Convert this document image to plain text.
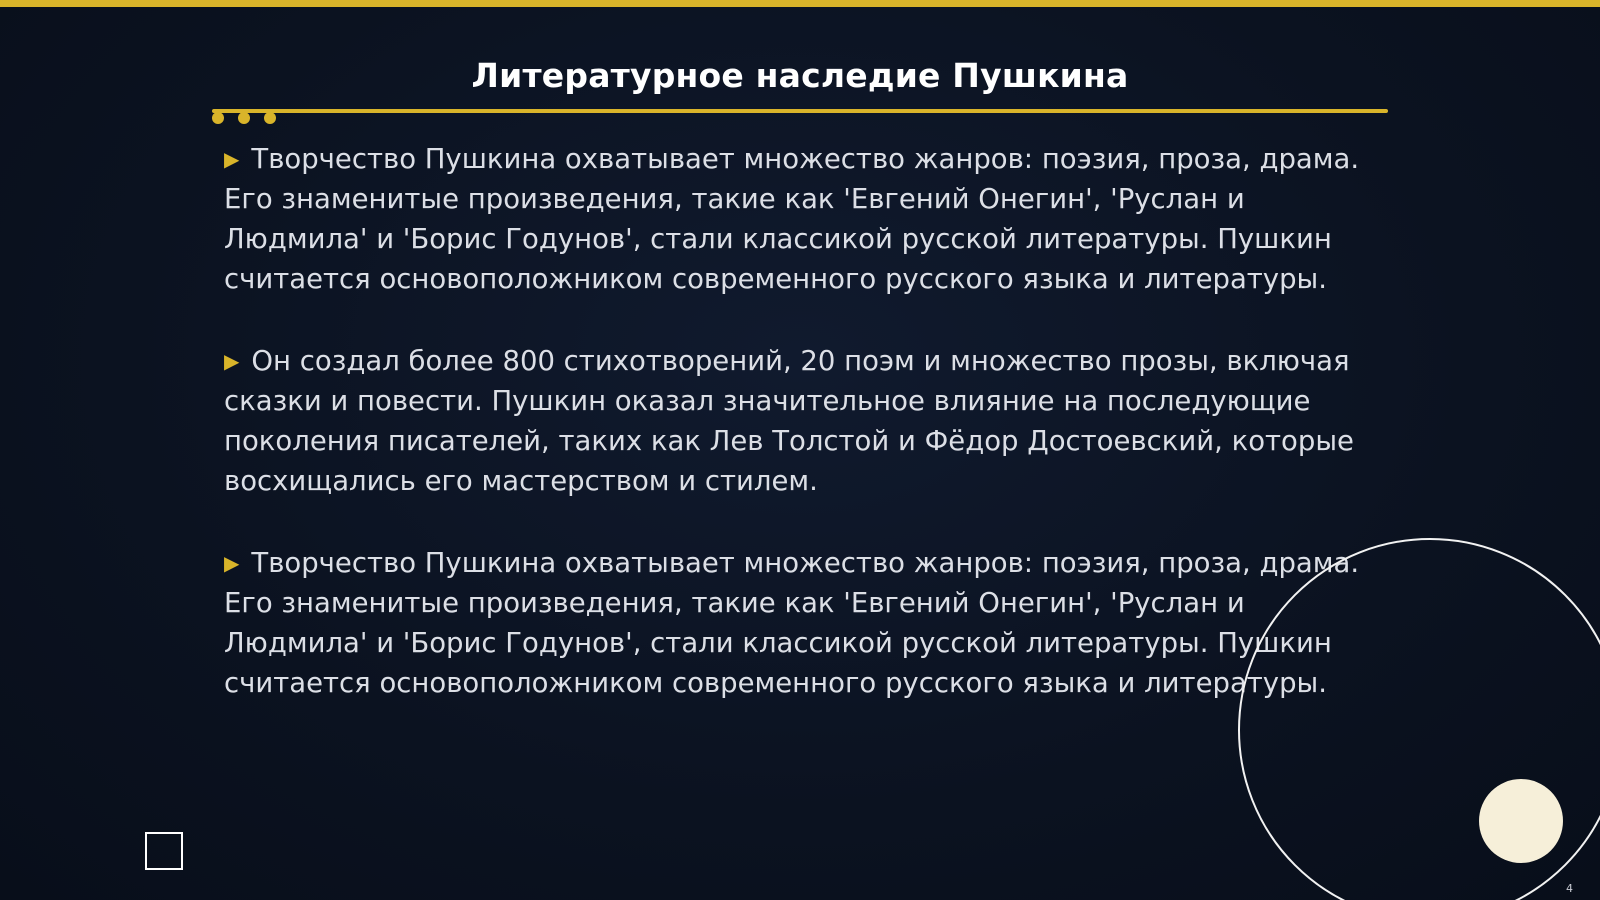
Литературное наследие Пушкина

▶ Творчество Пушкина охватывает множество жанров: поэзия, проза, драма. Его знаменитые произведения, такие как 'Евгений Онегин', 'Руслан и Людмила' и 'Борис Годунов', стали классикой русской литературы. Пушкин считается основоположником современного русского языка и литературы.

▶ Он создал более 800 стихотворений, 20 поэм и множество прозы, включая сказки и повести. Пушкин оказал значительное влияние на последующие поколения писателей, таких как Лев Толстой и Фёдор Достоевский, которые восхищались его мастерством и стилем.

▶ Творчество Пушкина охватывает множество жанров: поэзия, проза, драма. Его знаменитые произведения, такие как 'Евгений Онегин', 'Руслан и Людмила' и 'Борис Годунов', стали классикой русской литературы. Пушкин считается основоположником современного русского языка и литературы.

4
